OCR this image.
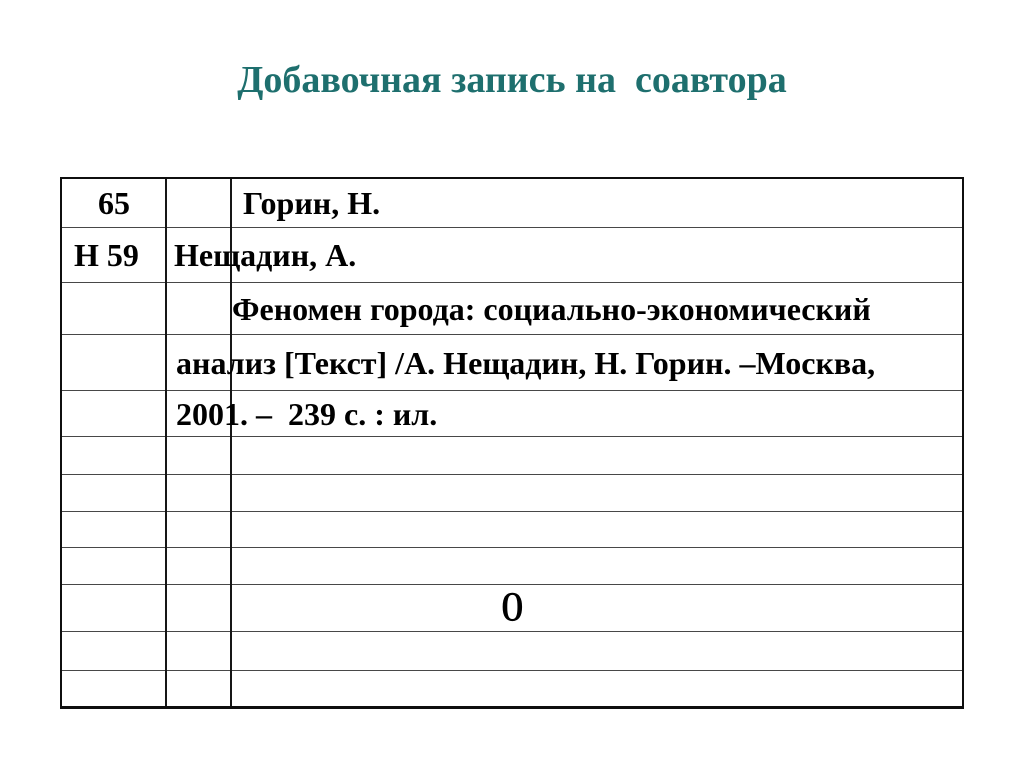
Добавочная запись на  соавтора
65	Горин, Н.
Н 59 Нещадин, А.
Феномен города: социально-экономический
анализ [Текст] /А. Нещадин, Н. Горин. –Москва,
2001. –  239 с. : ил.
О
